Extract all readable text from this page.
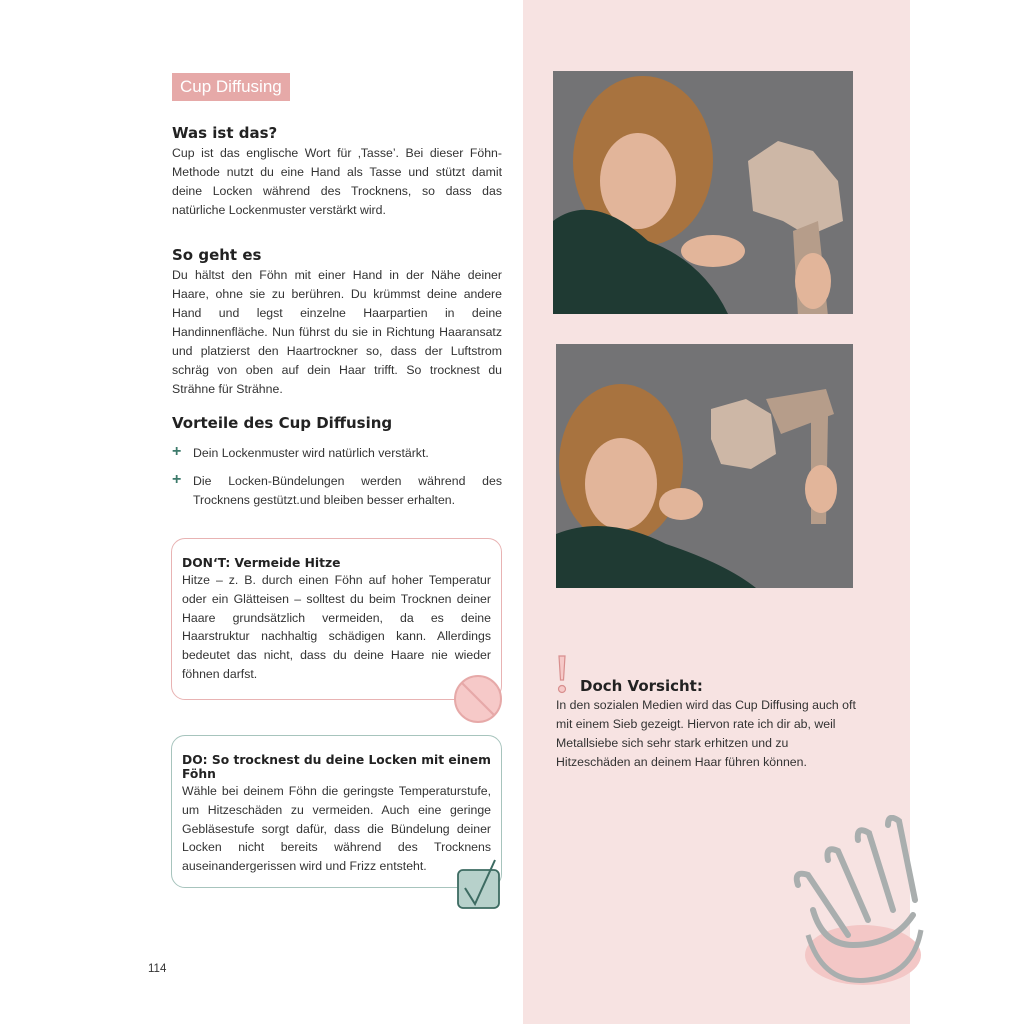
Cup Diffusing
Was ist das?

Cup ist das englische Wort für ‚Tasse’. Bei dieser Föhn-Methode nutzt du eine Hand als Tasse und stützt damit deine Locken während des Trocknens, so dass das natürliche Lockenmuster verstärkt wird.

So geht es

Du hältst den Föhn mit einer Hand in der Nähe deiner Haare, ohne sie zu berühren. Du krümmst deine andere Hand und legst einzelne Haarpartien in deine Handinnenfläche. Nun führst du sie in Richtung Haaransatz und platzierst den Haartrockner so, dass der Luftstrom schräg von oben auf dein Haar trifft. So trocknest du Strähne für Strähne.

Vorteile des Cup Diffusing
+ Dein Lockenmuster wird natürlich verstärkt.
+ Die Locken-Bündelungen werden während des Trocknens gestützt.und bleiben besser erhalten.
DON‘T: Vermeide Hitze

Hitze – z. B. durch einen Föhn auf hoher Temperatur oder ein Glätteisen – solltest du beim Trocknen deiner Haare grundsätzlich vermeiden, da es deine Haarstruktur nachhaltig schädigen kann. Allerdings bedeutet das nicht, dass du deine Haare nie wieder föhnen darfst.

DO: So trocknest du deine Locken mit einem Föhn

Wähle bei deinem Föhn die geringste Temperaturstufe, um Hitzeschäden zu vermeiden. Auch eine geringe Gebläsestufe sorgt dafür, dass die Bündelung deiner Locken nicht bereits während des Trocknens auseinandergerissen wird und Frizz entsteht.

Doch Vorsicht:

In den sozialen Medien wird das Cup Diffusing auch oft mit einem Sieb gezeigt. Hiervon rate ich dir ab, weil Metallsiebe sich sehr stark erhitzen und zu Hitzeschäden an deinem Haar führen können.

114
